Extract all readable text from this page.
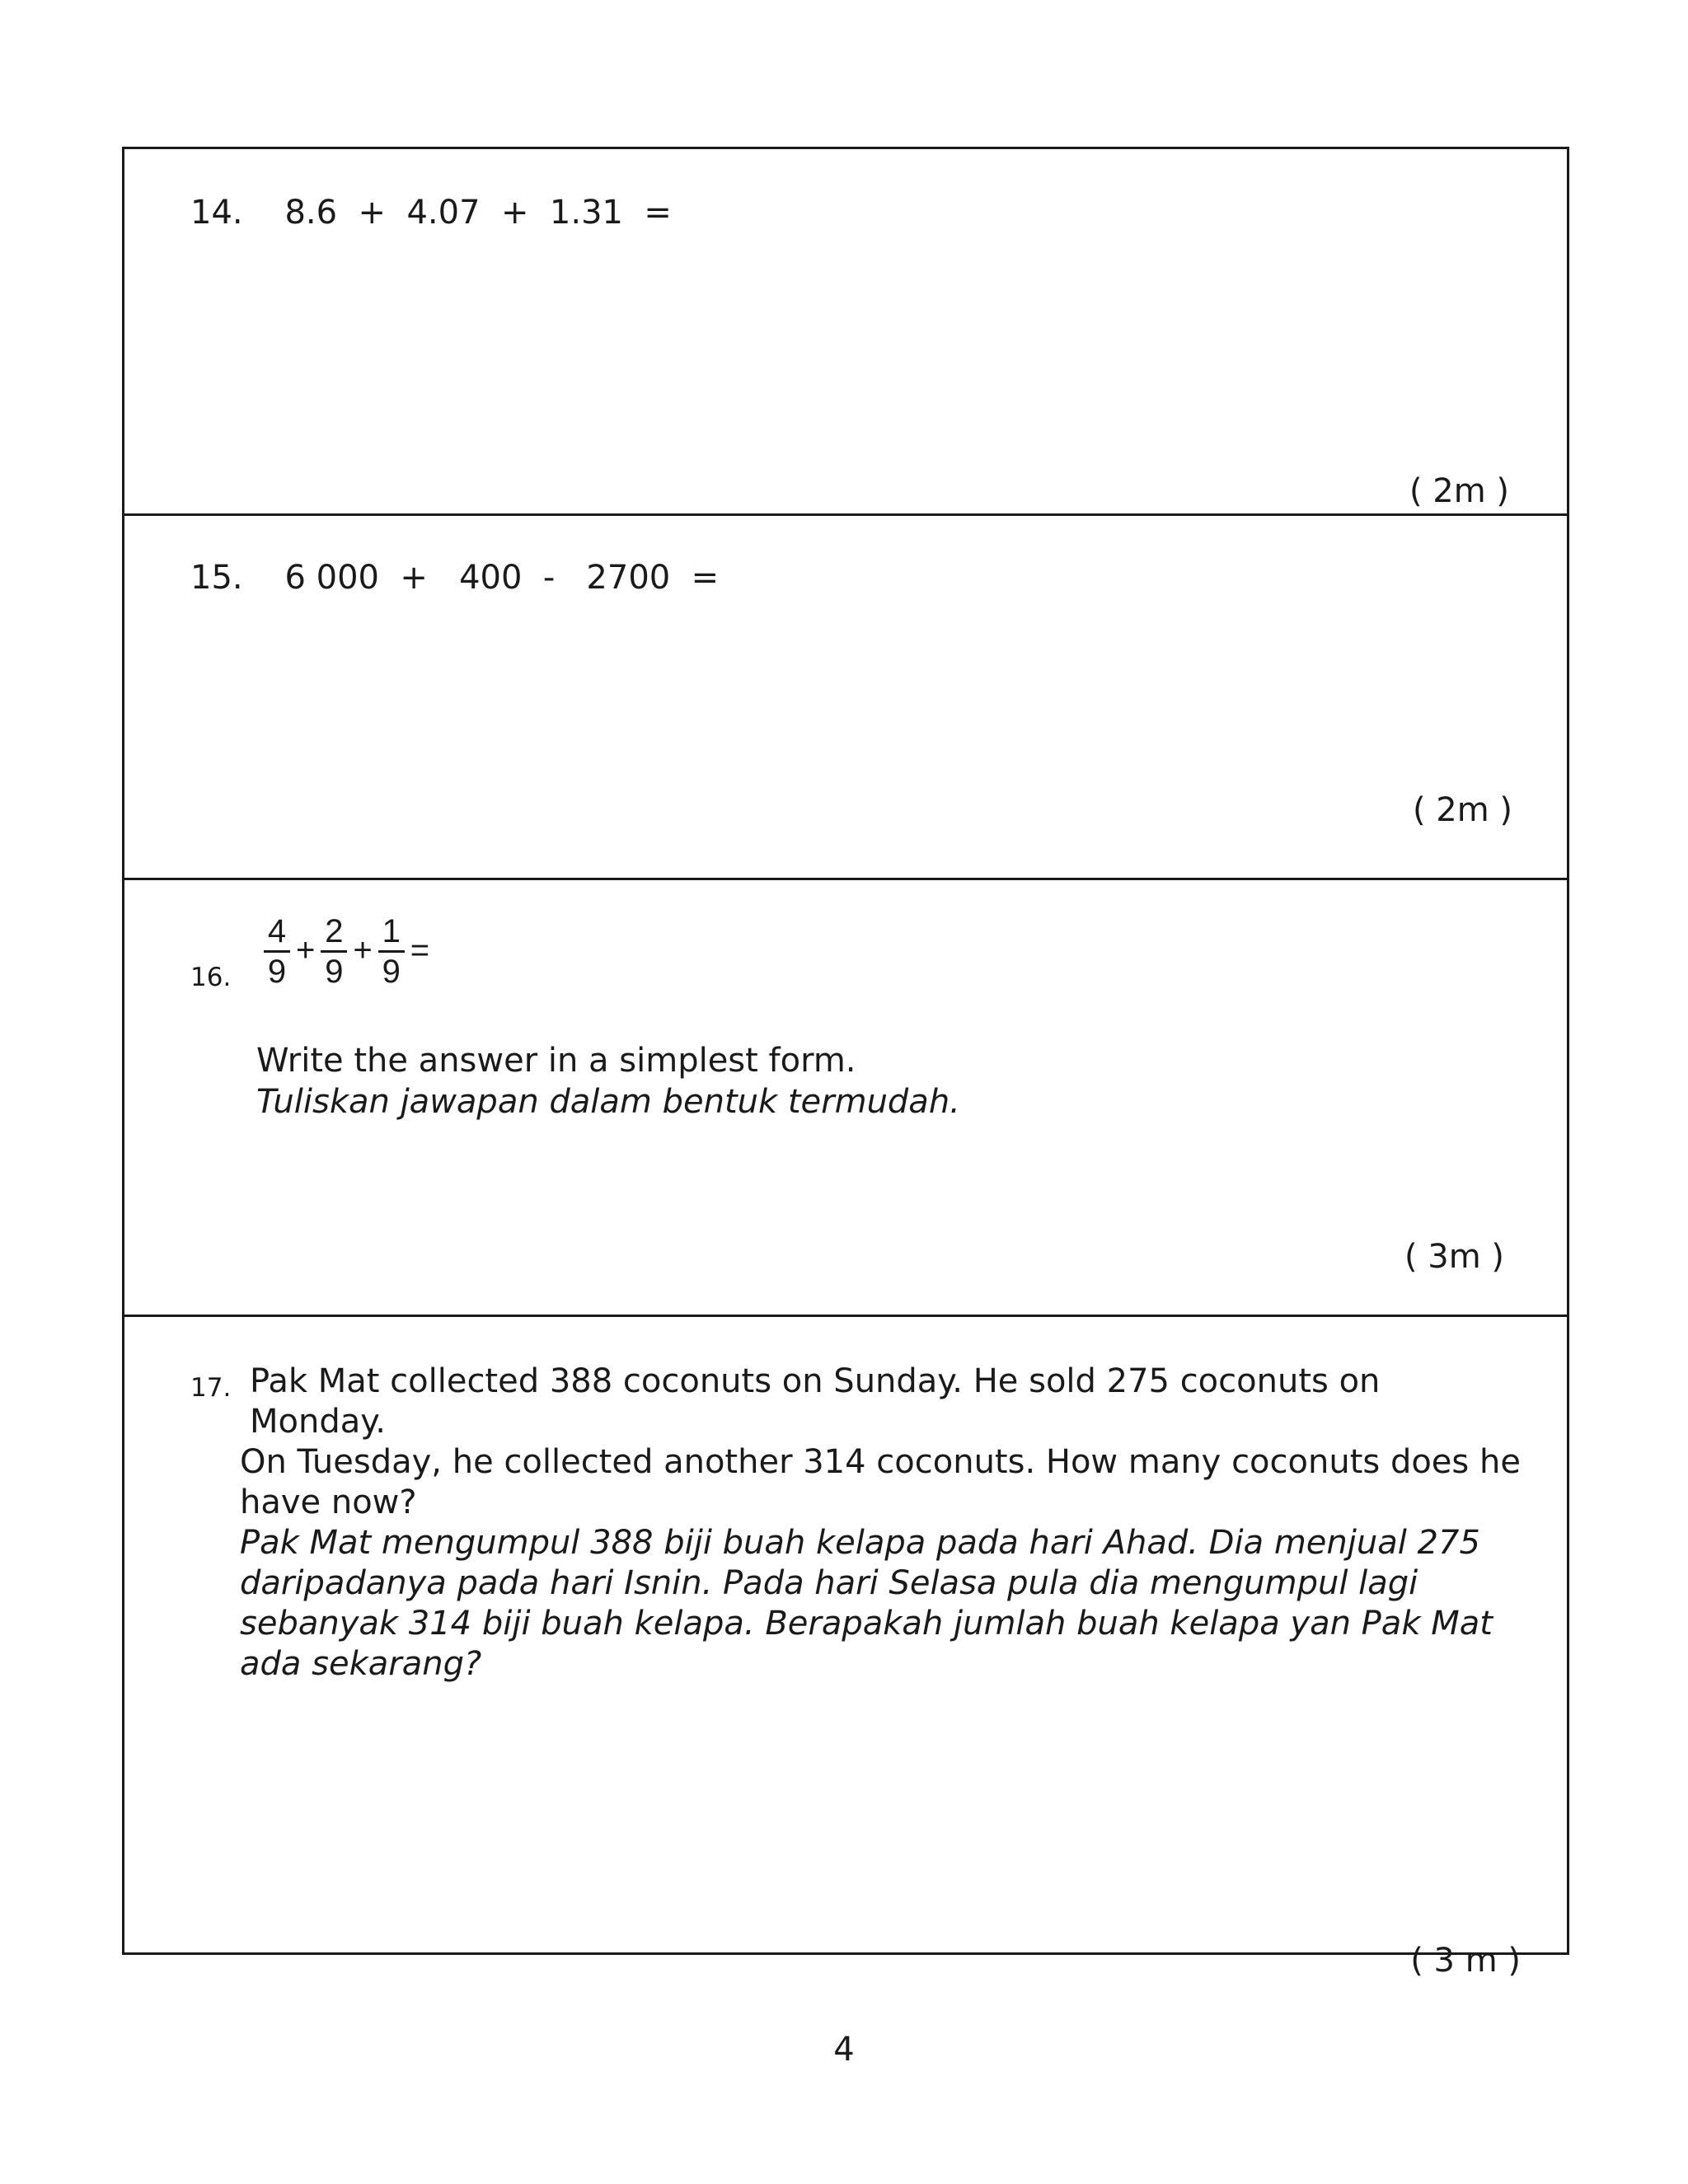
14.    8.6  +  4.07  +  1.31  =
( 2m )
15.    6 000  +   400  -   2700  =
( 2m )
16. $\frac{4}{9} + \frac{2}{9} + \frac{1}{9}$ =
Write the answer in a simplest form.
Tuliskan jawapan dalam bentuk termudah.
( 3m )
17. Pak Mat collected 388 coconuts on Sunday. He sold 275 coconuts on Monday.
On Tuesday, he collected another 314 coconuts. How many coconuts does he have now?
Pak Mat mengumpul 388 biji buah kelapa pada hari Ahad. Dia menjual 275 daripadanya pada hari Isnin. Pada hari Selasa pula dia mengumpul lagi sebanyak 314 biji buah kelapa. Berapakah jumlah buah kelapa yan Pak Mat ada sekarang?
( 3 m )
4
